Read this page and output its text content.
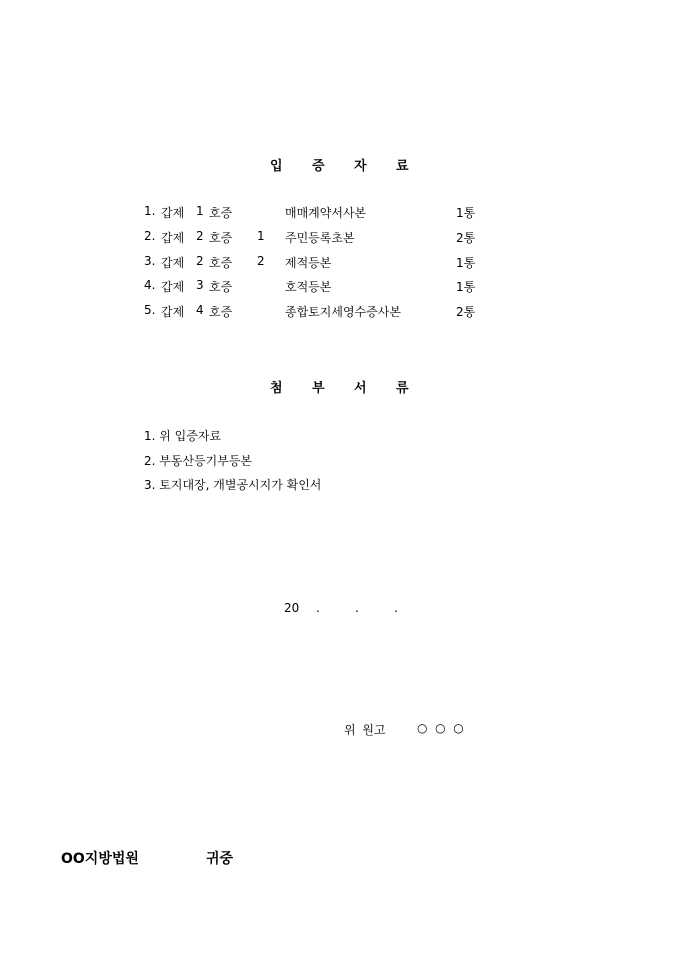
입 증 자 료
1. 갑제 1 호증	매매계약서사본	1통
2. 갑제 2 호증 1 주민등록초본	2통
3. 갑제 2 호증 2 제적등본	1통
4. 갑제 3 호증	호적등본	1통
5. 갑제 4 호증	종합토지세영수증사본	2통
첨 부 서 류
1. 위 입증자료
2. 부동산등기부등본
3. 토지대장, 개별공시지가 확인서
20 .	.	.
위 원고	○  ○  ○
OO지방법원	귀중
